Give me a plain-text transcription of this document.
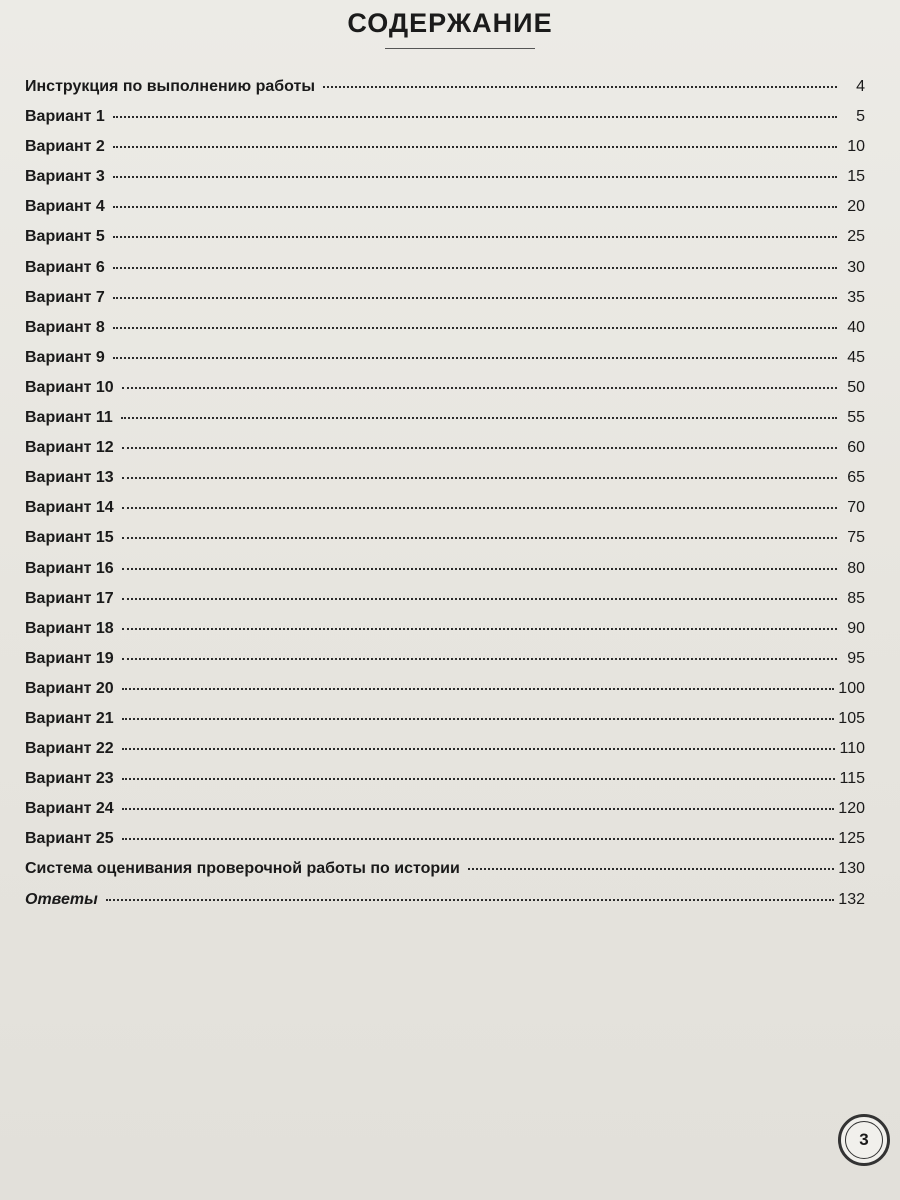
СОДЕРЖАНИЕ
Инструкция по выполнению работы	4
Вариант 1	5
Вариант 2	10
Вариант 3	15
Вариант 4	20
Вариант 5	25
Вариант 6	30
Вариант 7	35
Вариант 8	40
Вариант 9	45
Вариант 10	50
Вариант 11	55
Вариант 12	60
Вариант 13	65
Вариант 14	70
Вариант 15	75
Вариант 16	80
Вариант 17	85
Вариант 18	90
Вариант 19	95
Вариант 20	100
Вариант 21	105
Вариант 22	110
Вариант 23	115
Вариант 24	120
Вариант 25	125
Система оценивания проверочной работы по истории	130
Ответы	132
3
